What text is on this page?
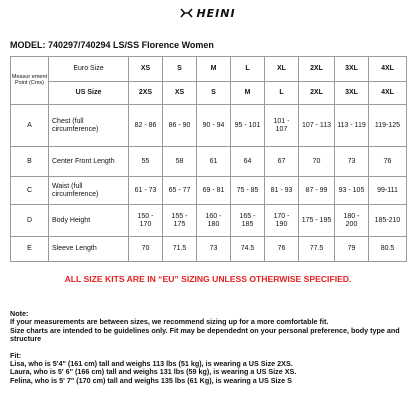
HEINI
MODEL: 740297/740294 LS/SS Florence Women
Measur ement Point (Cms)	Euro Size	XS	S	M	L	XL	2XL	3XL	4XL
	US Size	2XS	XS	S	M	L	2XL	3XL	4XL
A	Chest (full circumference)	82 - 86	86 - 90	90 - 94	95 - 101	101 - 107	107 - 113	113 - 119	119-125
B	Center Front Length	55	58	61	64	67	70	73	76
C	Waist (full circumference)	61 - 73	65 - 77	69 - 81	75 - 85	81 - 93	87 - 99	93 - 105	99-111
D	Body Height	150 - 170	155 - 175	160 - 180	165 - 185	170 - 190	175 - 195	180 - 200	185-210
E	Sleeve Length	70	71.5	73	74.5	76	77.5	79	80.5
ALL SIZE KITS ARE IN “EU” SIZING UNLESS OTHERWISE SPECIFIED.

Note:

If your measurements are between sizes, we recommend sizing up for a more comfortable fit.

Size charts are intended to be guidelines only. Fit may be dependednt on your personal preference, body type and structure

Fit:

Lisa, who is 5'4" (161 cm) tall and weighs 113 lbs (51 kg), is wearing a US Size 2XS.

Laura, who is 5' 6" (166 cm) tall and weighs 131 lbs (59 kg), is wearing a US Size XS.

Felina, who is 5' 7" (170 cm) tall and weighs 135 lbs (61 Kg), is wearing a US Size S
